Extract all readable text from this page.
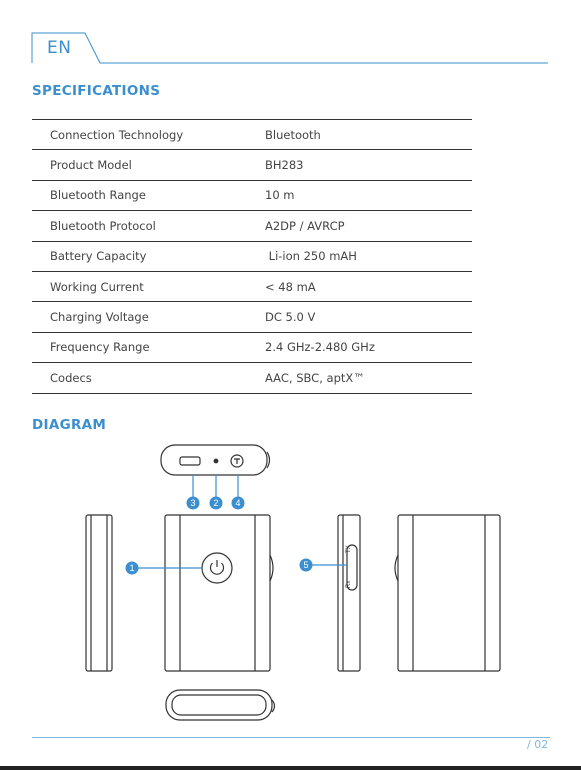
EN
SPECIFICATIONS
Connection Technology	Bluetooth
Product Model	BH283
Bluetooth Range	10 m
Bluetooth Protocol	A2DP / AVRCP
Battery Capacity	Li-ion 250 mAH
Working Current	< 48 mA
Charging Voltage	DC 5.0 V
Frequency Range	2.4 GHz-2.480 GHz
Codecs	AAC, SBC, aptX™
DIAGRAM
Rx
TX
1
2
3	4
5
/ 02
